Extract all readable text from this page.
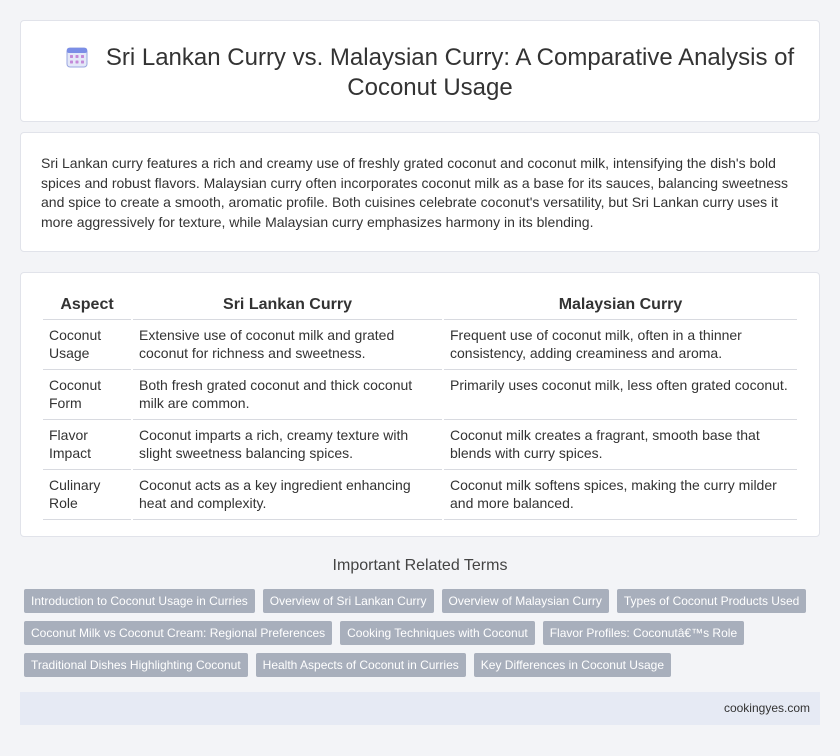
Sri Lankan Curry vs. Malaysian Curry: A Comparative Analysis of Coconut Usage

Sri Lankan curry features a rich and creamy use of freshly grated coconut and coconut milk, intensifying the dish's bold spices and robust flavors. Malaysian curry often incorporates coconut milk as a base for its sauces, balancing sweetness and spice to create a smooth, aromatic profile. Both cuisines celebrate coconut's versatility, but Sri Lankan curry uses it more aggressively for texture, while Malaysian curry emphasizes harmony in its blending.

Aspect	Sri Lankan Curry	Malaysian Curry
Coconut Usage	Extensive use of coconut milk and grated coconut for richness and sweetness.	Frequent use of coconut milk, often in a thinner consistency, adding creaminess and aroma.
Coconut Form	Both fresh grated coconut and thick coconut milk are common.	Primarily uses coconut milk, less often grated coconut.
Flavor Impact	Coconut imparts a rich, creamy texture with slight sweetness balancing spices.	Coconut milk creates a fragrant, smooth base that blends with curry spices.
Culinary Role	Coconut acts as a key ingredient enhancing heat and complexity.	Coconut milk softens spices, making the curry milder and more balanced.
Important Related Terms
Introduction to Coconut Usage in Curries	Overview of Sri Lankan Curry	Overview of Malaysian Curry	Types of Coconut Products Used
Coconut Milk vs Coconut Cream: Regional Preferences	Cooking Techniques with Coconut	Flavor Profiles: Coconutâ€™s Role
Traditional Dishes Highlighting Coconut	Health Aspects of Coconut in Curries	Key Differences in Coconut Usage
cookingyes.com
